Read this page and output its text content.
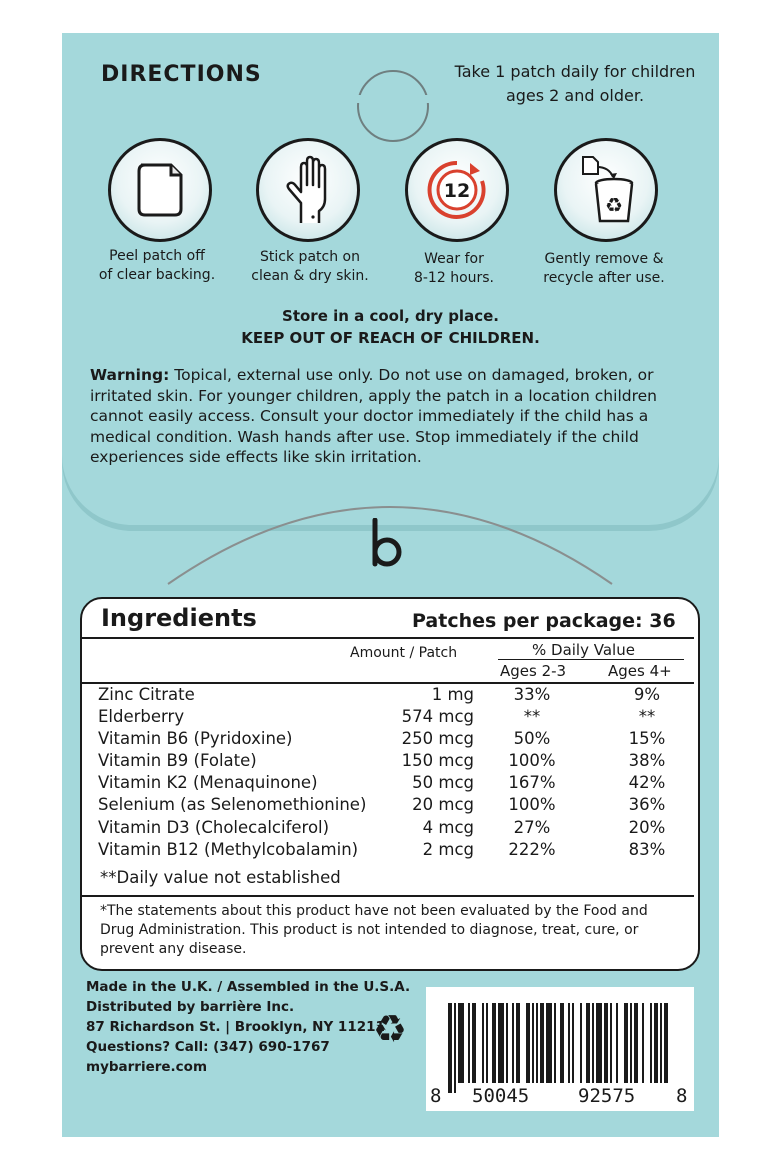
DIRECTIONS	Take 1 patch daily for children
ages 2 and older.
12
♻
Peel patch off
of clear backing.
Stick patch on
clean & dry skin.
Wear for
8-12 hours.
Gently remove &
recycle after use.
Store in a cool, dry place.
KEEP OUT OF REACH OF CHILDREN.
Warning: Topical, external use only. Do not use on damaged, broken, or irritated skin. For younger children, apply the patch in a location children cannot easily access. Consult your doctor immediately if the child has a medical condition. Wash hands after use. Stop immediately if the child experiences side effects like skin irritation.
Ingredients	Patches per package: 36
Amount / Patch	% Daily Value
Ages 2-3	Ages 4+
Zinc Citrate	1 mg	33%	9%
Elderberry	574 mcg	**	**
Vitamin B6 (Pyridoxine)	250 mcg	50%	15%
Vitamin B9 (Folate)	150 mcg	100%	38%
Vitamin K2 (Menaquinone)	50 mcg	167%	42%
Selenium (as Selenomethionine)	20 mcg	100%	36%
Vitamin D3 (Cholecalciferol)	4 mcg	27%	20%
Vitamin B12 (Methylcobalamin)	2 mcg	222%	83%
**Daily value not established
*The statements about this product have not been evaluated by the Food and Drug Administration. This product is not intended to diagnose, treat, cure, or prevent any disease.
Made in the U.K. / Assembled in the U.S.A.
Distributed by barrière Inc.
87 Richardson St. | Brooklyn, NY 11211
Questions? Call: (347) 690-1767
mybarriere.com
♻
8 50045	92575 8
